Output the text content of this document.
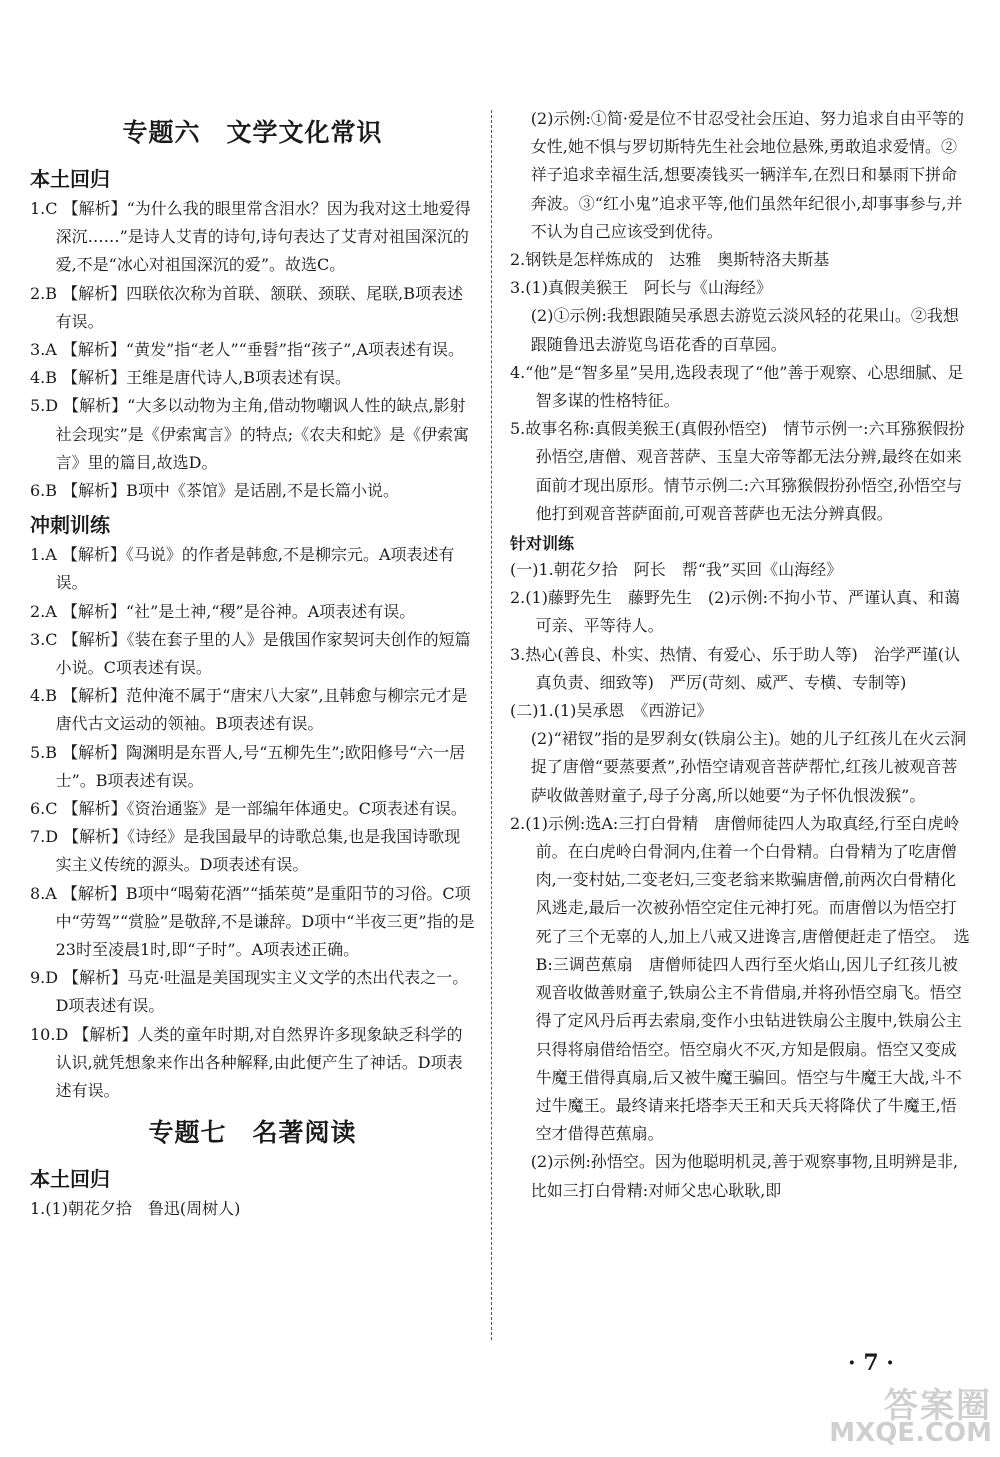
专题六　文学文化常识
本土回归

1.C 【解析】“为什么我的眼里常含泪水？因为我对这土地爱得深沉……”是诗人艾青的诗句,诗句表达了艾青对祖国深沉的爱,不是“冰心对祖国深沉的爱”。故选C。

2.B 【解析】四联依次称为首联、颔联、颈联、尾联,B项表述有误。

3.A 【解析】“黄发”指“老人”“垂髫”指“孩子”,A项表述有误。

4.B 【解析】王维是唐代诗人,B项表述有误。

5.D 【解析】“大多以动物为主角,借动物嘲讽人性的缺点,影射社会现实”是《伊索寓言》的特点;《农夫和蛇》是《伊索寓言》里的篇目,故选D。

6.B 【解析】B项中《茶馆》是话剧,不是长篇小说。

冲刺训练

1.A 【解析】《马说》的作者是韩愈,不是柳宗元。A项表述有误。

2.A 【解析】“社”是土神,“稷”是谷神。A项表述有误。

3.C 【解析】《装在套子里的人》是俄国作家契诃夫创作的短篇小说。C项表述有误。

4.B 【解析】范仲淹不属于“唐宋八大家”,且韩愈与柳宗元才是唐代古文运动的领袖。B项表述有误。

5.B 【解析】陶渊明是东晋人,号“五柳先生”;欧阳修号“六一居士”。B项表述有误。

6.C 【解析】《资治通鉴》是一部编年体通史。C项表述有误。

7.D 【解析】《诗经》是我国最早的诗歌总集,也是我国诗歌现实主义传统的源头。D项表述有误。

8.A 【解析】B项中“喝菊花酒”“插茱萸”是重阳节的习俗。C项中“劳驾”“赏脸”是敬辞,不是谦辞。D项中“半夜三更”指的是23时至凌晨1时,即“子时”。A项表述正确。

9.D 【解析】马克·吐温是美国现实主义文学的杰出代表之一。D项表述有误。

10.D 【解析】人类的童年时期,对自然界许多现象缺乏科学的认识,就凭想象来作出各种解释,由此便产生了神话。D项表述有误。

专题七　名著阅读
本土回归

1.(1)朝花夕拾　鲁迅(周树人)

(2)示例:①简·爱是位不甘忍受社会压迫、努力追求自由平等的女性,她不惧与罗切斯特先生社会地位悬殊,勇敢追求爱情。②祥子追求幸福生活,想要凑钱买一辆洋车,在烈日和暴雨下拼命奔波。③“红小鬼”追求平等,他们虽然年纪很小,却事事参与,并不认为自己应该受到优待。

2.钢铁是怎样炼成的　达雅　奥斯特洛夫斯基

3.(1)真假美猴王　阿长与《山海经》

(2)①示例:我想跟随吴承恩去游览云淡风轻的花果山。②我想跟随鲁迅去游览鸟语花香的百草园。

4.“他”是“智多星”吴用,选段表现了“他”善于观察、心思细腻、足智多谋的性格特征。

5.故事名称:真假美猴王(真假孙悟空)　情节示例一:六耳猕猴假扮孙悟空,唐僧、观音菩萨、玉皇大帝等都无法分辨,最终在如来面前才现出原形。情节示例二:六耳猕猴假扮孙悟空,孙悟空与他打到观音菩萨面前,可观音菩萨也无法分辨真假。

针对训练

(一)1.朝花夕拾　阿长　帮“我”买回《山海经》

2.(1)藤野先生　藤野先生　(2)示例:不拘小节、严谨认真、和蔼可亲、平等待人。

3.热心(善良、朴实、热情、有爱心、乐于助人等)　治学严谨(认真负责、细致等)　严厉(苛刻、威严、专横、专制等)

(二)1.(1)吴承恩　《西游记》

(2)“裙钗”指的是罗刹女(铁扇公主)。她的儿子红孩儿在火云洞捉了唐僧“要蒸要煮”,孙悟空请观音菩萨帮忙,红孩儿被观音菩萨收做善财童子,母子分离,所以她要“为子怀仇恨泼猴”。

2.(1)示例:选A:三打白骨精　唐僧师徒四人为取真经,行至白虎岭前。在白虎岭白骨洞内,住着一个白骨精。白骨精为了吃唐僧肉,一变村姑,二变老妇,三变老翁来欺骗唐僧,前两次白骨精化风逃走,最后一次被孙悟空定住元神打死。而唐僧以为悟空打死了三个无辜的人,加上八戒又进谗言,唐僧便赶走了悟空。　选B:三调芭蕉扇　唐僧师徒四人西行至火焰山,因儿子红孩儿被观音收做善财童子,铁扇公主不肯借扇,并将孙悟空扇飞。悟空得了定风丹后再去索扇,变作小虫钻进铁扇公主腹中,铁扇公主只得将扇借给悟空。悟空扇火不灭,方知是假扇。悟空又变成牛魔王借得真扇,后又被牛魔王骗回。悟空与牛魔王大战,斗不过牛魔王。最终请来托塔李天王和天兵天将降伏了牛魔王,悟空才借得芭蕉扇。

(2)示例:孙悟空。因为他聪明机灵,善于观察事物,且明辨是非,比如三打白骨精:对师父忠心耿耿,即

· 7 ·
答案圈
MXQE.COM
